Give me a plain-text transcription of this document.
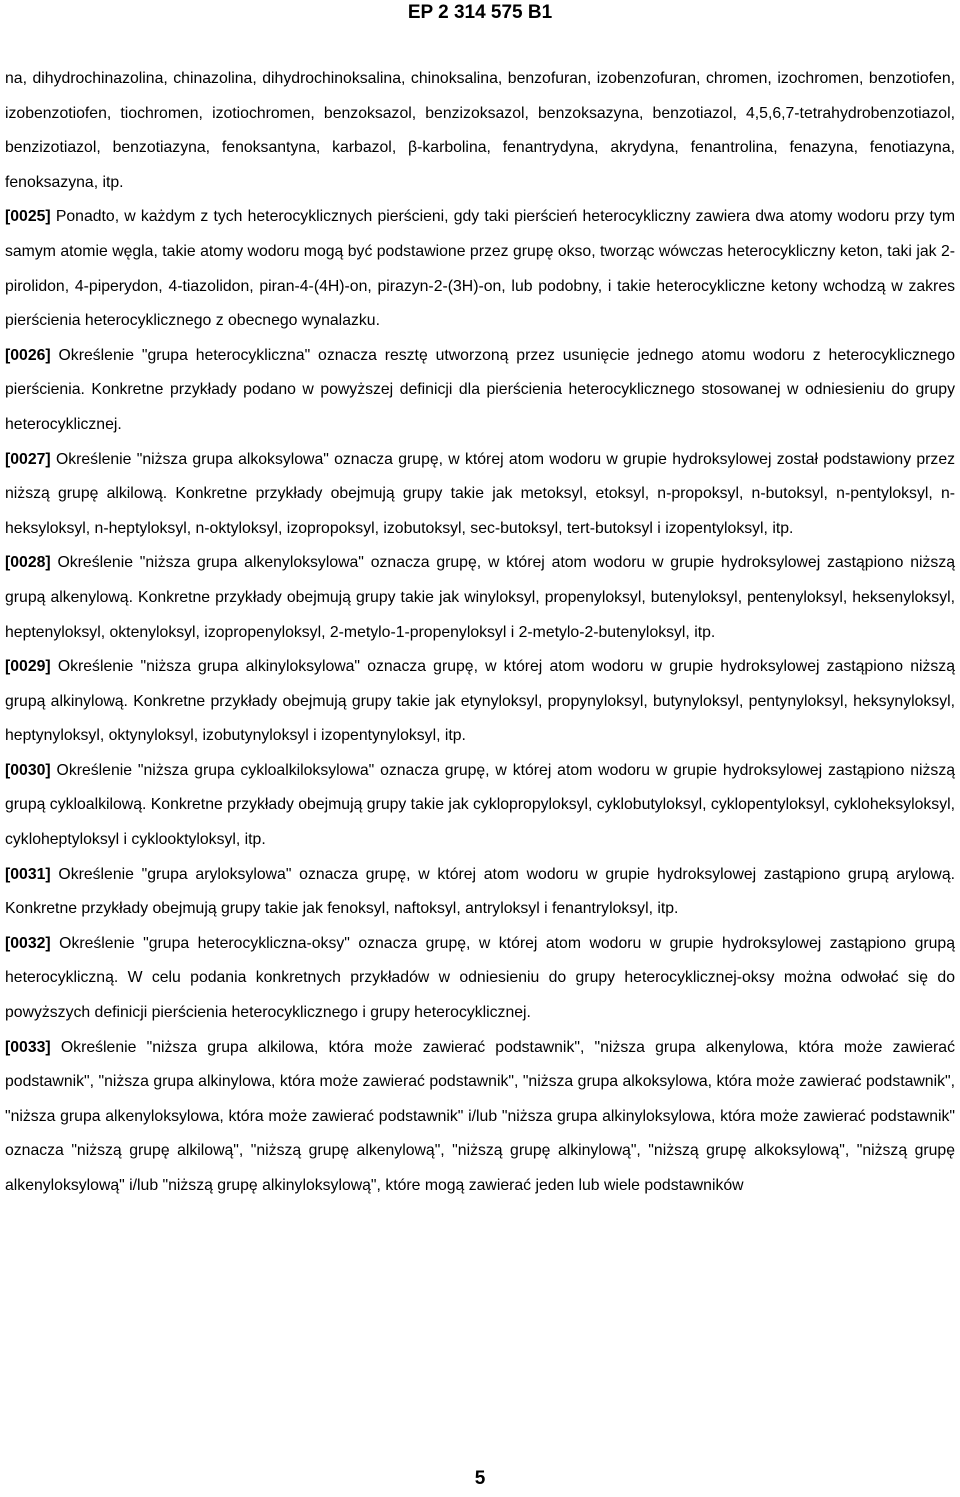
EP 2 314 575 B1

na, dihydrochinazolina, chinazolina, dihydrochinoksalina, chinoksalina, benzofuran, izobenzofuran, chromen, izochromen, benzotiofen, izobenzotiofen, tiochromen, izotiochromen, benzoksazol, benzizoksazol, benzoksazyna, benzotiazol, 4,5,6,7-tetrahydrobenzotiazol, benzizotiazol, benzotiazyna, fenoksantyna, karbazol, β-karbolina, fenantrydyna, akrydyna, fenantrolina, fenazyna, fenotiazyna, fenoksazyna, itp.

[0025] Ponadto, w każdym z tych heterocyklicznych pierścieni, gdy taki pierścień heterocykliczny zawiera dwa atomy wodoru przy tym samym atomie węgla, takie atomy wodoru mogą być podstawione przez grupę okso, tworząc wówczas heterocykliczny keton, taki jak 2-pirolidon, 4-piperydon, 4-tiazolidon, piran-4-(4H)-on, pirazyn-2-(3H)-on, lub podobny, i takie heterocykliczne ketony wchodzą w zakres pierścienia heterocyklicznego z obecnego wynalazku.

[0026] Określenie "grupa heterocykliczna" oznacza resztę utworzoną przez usunięcie jednego atomu wodoru z heterocyklicznego pierścienia. Konkretne przykłady podano w powyższej definicji dla pierścienia heterocyklicznego stosowanej w odniesieniu do grupy heterocyklicznej.

[0027] Określenie "niższa grupa alkoksylowa" oznacza grupę, w której atom wodoru w grupie hydroksylowej został podstawiony przez niższą grupę alkilową. Konkretne przykłady obejmują grupy takie jak metoksyl, etoksyl, n-propoksyl, n-butoksyl, n-pentyloksyl, n-heksyloksyl, n-heptyloksyl, n-oktyloksyl, izopropoksyl, izobutoksyl, sec-butoksyl, tert-butoksyl i izopentyloksyl, itp.

[0028] Określenie "niższa grupa alkenyloksylowa" oznacza grupę, w której atom wodoru w grupie hydroksylowej zastąpiono niższą grupą alkenylową. Konkretne przykłady obejmują grupy takie jak winyloksyl, propenyloksyl, butenyloksyl, pentenyloksyl, heksenyloksyl, heptenyloksyl, oktenyloksyl, izopropenyloksyl, 2-metylo-1-propenyloksyl i 2-metylo-2-butenyloksyl, itp.

[0029] Określenie "niższa grupa alkinyloksylowa" oznacza grupę, w której atom wodoru w grupie hydroksylowej zastąpiono niższą grupą alkinylową. Konkretne przykłady obejmują grupy takie jak etynyloksyl, propynyloksyl, butynyloksyl, pentynyloksyl, heksynyloksyl, heptynyloksyl, oktynyloksyl, izobutynyloksyl i izopentynyloksyl, itp.

[0030] Określenie "niższa grupa cykloalkiloksylowa" oznacza grupę, w której atom wodoru w grupie hydroksylowej zastąpiono niższą grupą cykloalkilową. Konkretne przykłady obejmują grupy takie jak cyklopropyloksyl, cyklobutyloksyl, cyklopentyloksyl, cykloheksyloksyl, cykloheptyloksyl i cyklooktyloksyl, itp.

[0031] Określenie "grupa aryloksylowa" oznacza grupę, w której atom wodoru w grupie hydroksylowej zastąpiono grupą arylową. Konkretne przykłady obejmują grupy takie jak fenoksyl, naftoksyl, antryloksyl i fenantryloksyl, itp.

[0032] Określenie "grupa heterocykliczna-oksy" oznacza grupę, w której atom wodoru w grupie hydroksylowej zastąpiono grupą heterocykliczną. W celu podania konkretnych przykładów w odniesieniu do grupy heterocyklicznej-oksy można odwołać się do powyższych definicji pierścienia heterocyklicznego i grupy heterocyklicznej.

[0033] Określenie "niższa grupa alkilowa, która może zawierać podstawnik", "niższa grupa alkenylowa, która może zawierać podstawnik", "niższa grupa alkinylowa, która może zawierać podstawnik", "niższa grupa alkoksylowa, która może zawierać podstawnik", "niższa grupa alkenyloksylowa, która może zawierać podstawnik" i/lub "niższa grupa alkinyloksylowa, która może zawierać podstawnik" oznacza "niższą grupę alkilową", "niższą grupę alkenylową", "niższą grupę alkinylową", "niższą grupę alkoksylową", "niższą grupę alkenyloksylową" i/lub "niższą grupę alkinyloksylową", które mogą zawierać jeden lub wiele podstawników

5
